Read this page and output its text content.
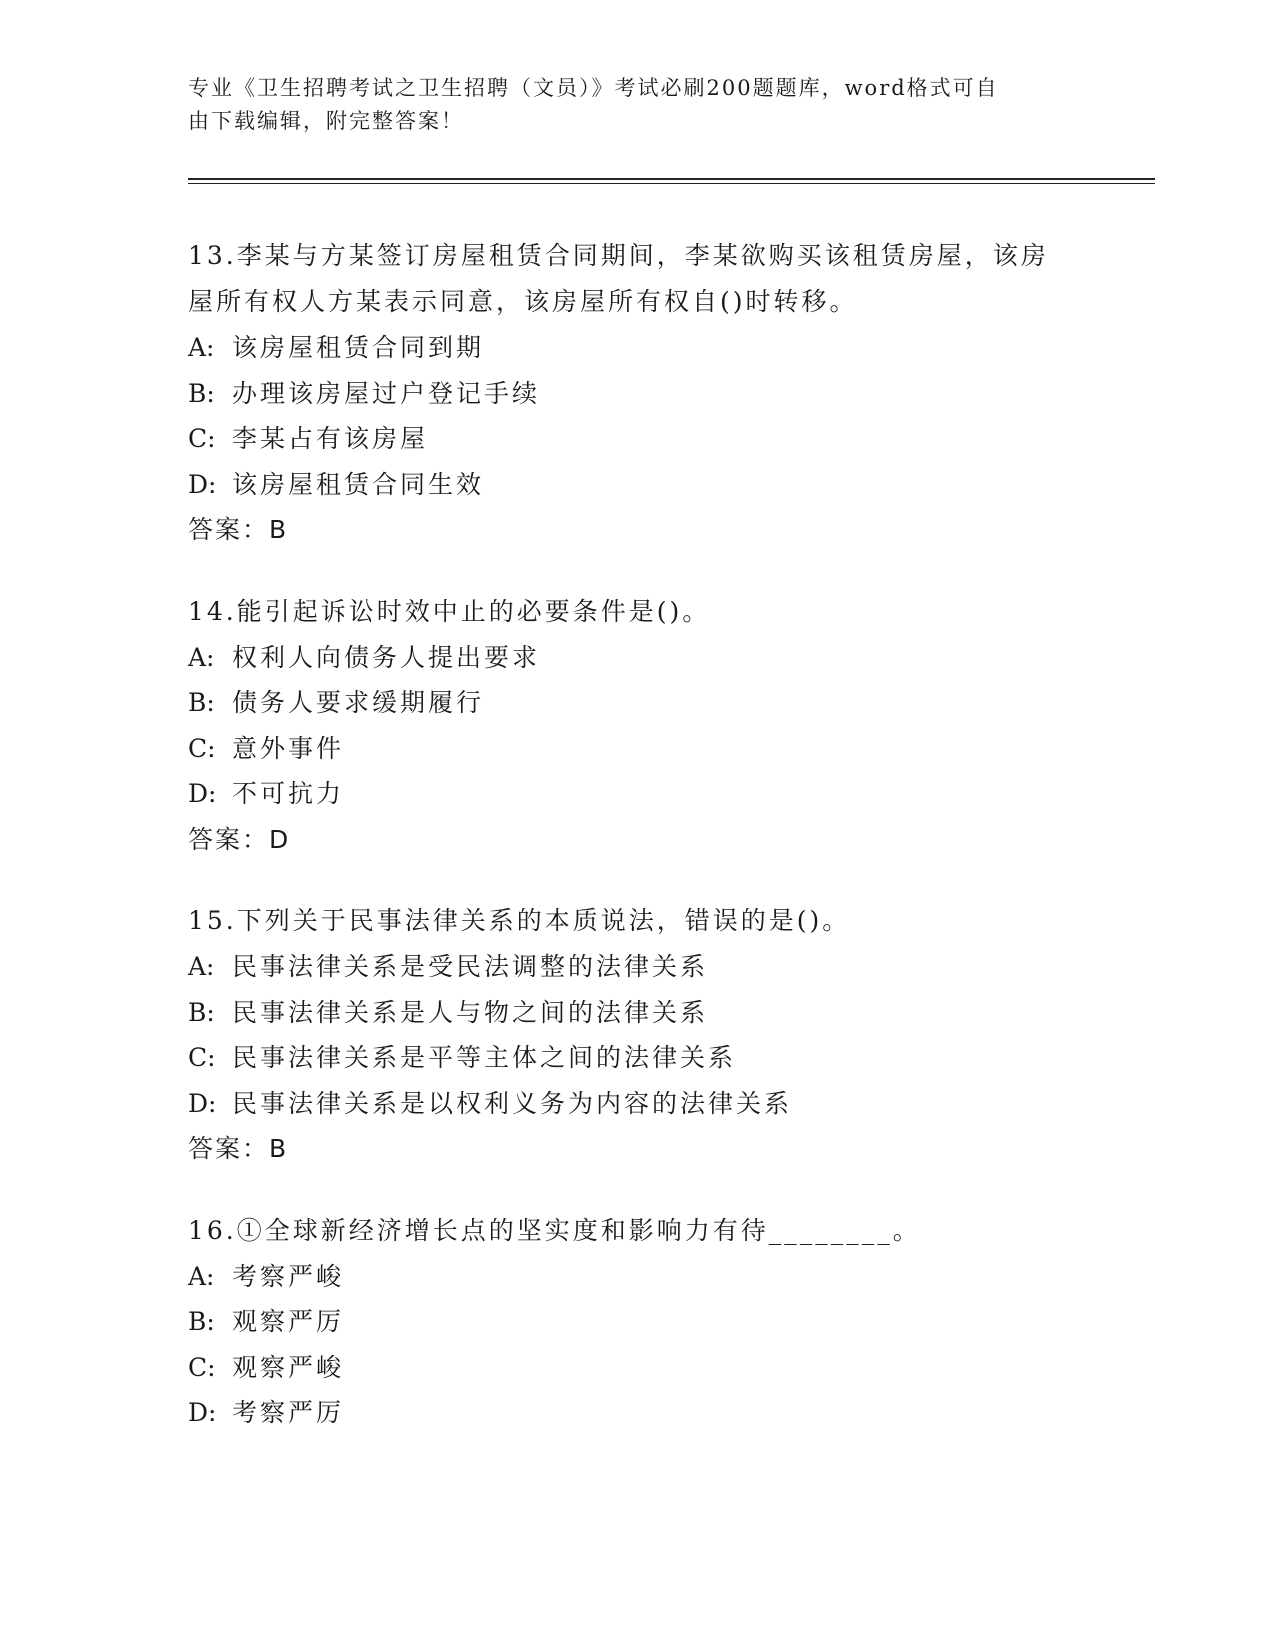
专业《卫生招聘考试之卫生招聘（文员）》考试必刷200题题库，word格式可自
由下载编辑，附完整答案！
13.李某与方某签订房屋租赁合同期间，李某欲购买该租赁房屋，该房
屋所有权人方某表示同意，该房屋所有权自()时转移。
A: 该房屋租赁合同到期
B: 办理该房屋过户登记手续
C: 李某占有该房屋
D: 该房屋租赁合同生效
答案：B
14.能引起诉讼时效中止的必要条件是()。
A: 权利人向债务人提出要求
B: 债务人要求缓期履行
C: 意外事件
D: 不可抗力
答案：D
15.下列关于民事法律关系的本质说法，错误的是()。
A: 民事法律关系是受民法调整的法律关系
B: 民事法律关系是人与物之间的法律关系
C: 民事法律关系是平等主体之间的法律关系
D: 民事法律关系是以权利义务为内容的法律关系
答案：B
16.①全球新经济增长点的坚实度和影响力有待________。
A: 考察严峻
B: 观察严厉
C: 观察严峻
D: 考察严厉
